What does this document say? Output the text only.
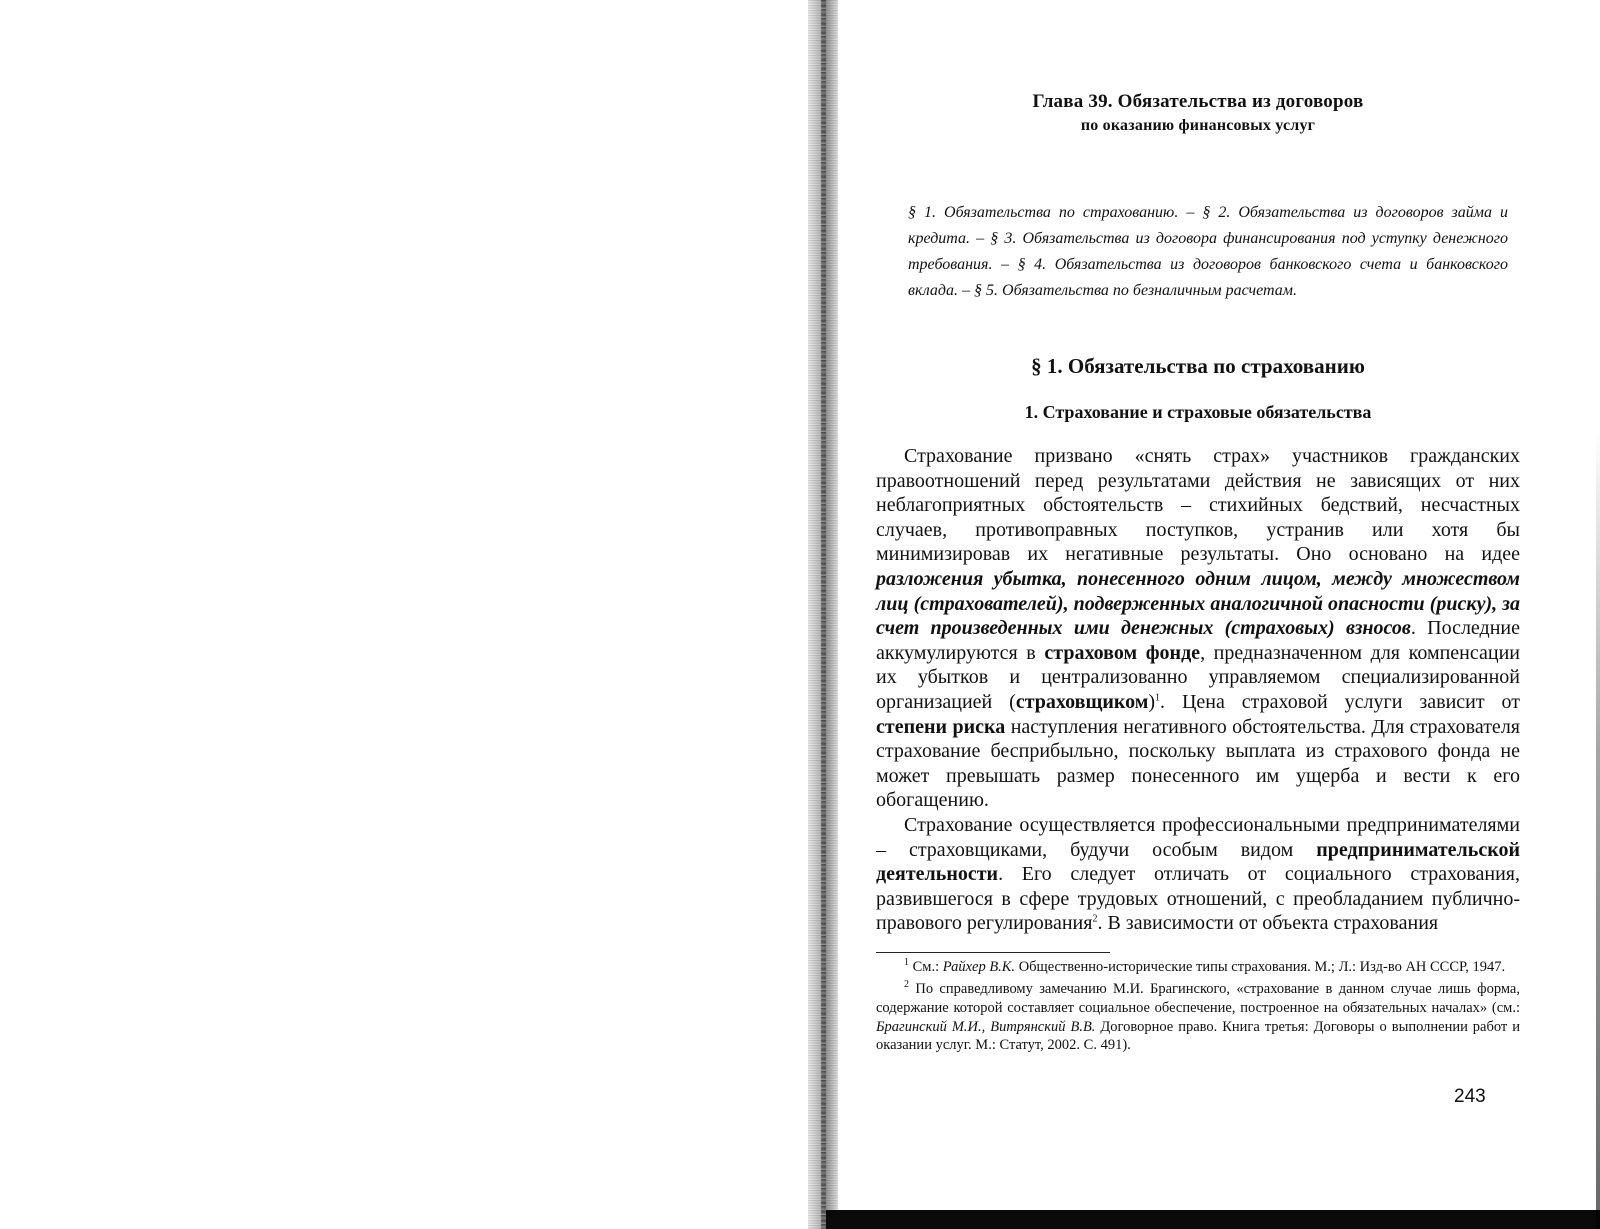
Глава 39. Обязательства из договоров
по оказанию финансовых услуг
§ 1. Обязательства по страхованию. – § 2. Обязательства из договоров займа и кредита. – § 3. Обязательства из договора финансирования под уступку денежного требования. – § 4. Обязательства из договоров банковского счета и банковского вклада. – § 5. Обязательства по безналичным расчетам.
§ 1. Обязательства по страхованию
1. Страхование и страховые обязательства

Страхование призвано «снять страх» участников гражданских правоотношений перед результатами действия не зависящих от них неблагоприятных обстоятельств – стихийных бедствий, несчастных случаев, противоправных поступков, устранив или хотя бы минимизировав их негативные результаты. Оно основано на идее разложения убытка, понесенного одним лицом, между множеством лиц (страхователей), подверженных аналогичной опасности (риску), за счет произведенных ими денежных (страховых) взносов. Последние аккумулируются в страховом фонде, предназначенном для компенсации их убытков и централизованно управляемом специализированной организацией (страховщиком)$^1$. Цена страховой услуги зависит от степени риска наступления негативного обстоятельства. Для страхователя страхование бесприбыльно, поскольку выплата из страхового фонда не может превышать размер понесенного им ущерба и вести к его обогащению.

Страхование осуществляется профессиональными предпринимателями – страховщиками, будучи особым видом предпринимательской деятельности. Его следует отличать от социального страхования, развившегося в сфере трудовых отношений, с преобладанием публично-правового регулирования$^2$. В зависимости от объекта страхования

$^1$ См.: Райхер В.К. Общественно-исторические типы страхования. М.; Л.: Изд-во АН СССР, 1947.

$^2$ По справедливому замечанию М.И. Брагинского, «страхование в данном случае лишь форма, содержание которой составляет социальное обеспечение, построенное на обязательных началах» (см.: Брагинский М.И., Витрянский В.В. Договорное право. Книга третья: Договоры о выполнении работ и оказании услуг. М.: Статут, 2002. С. 491).

243
